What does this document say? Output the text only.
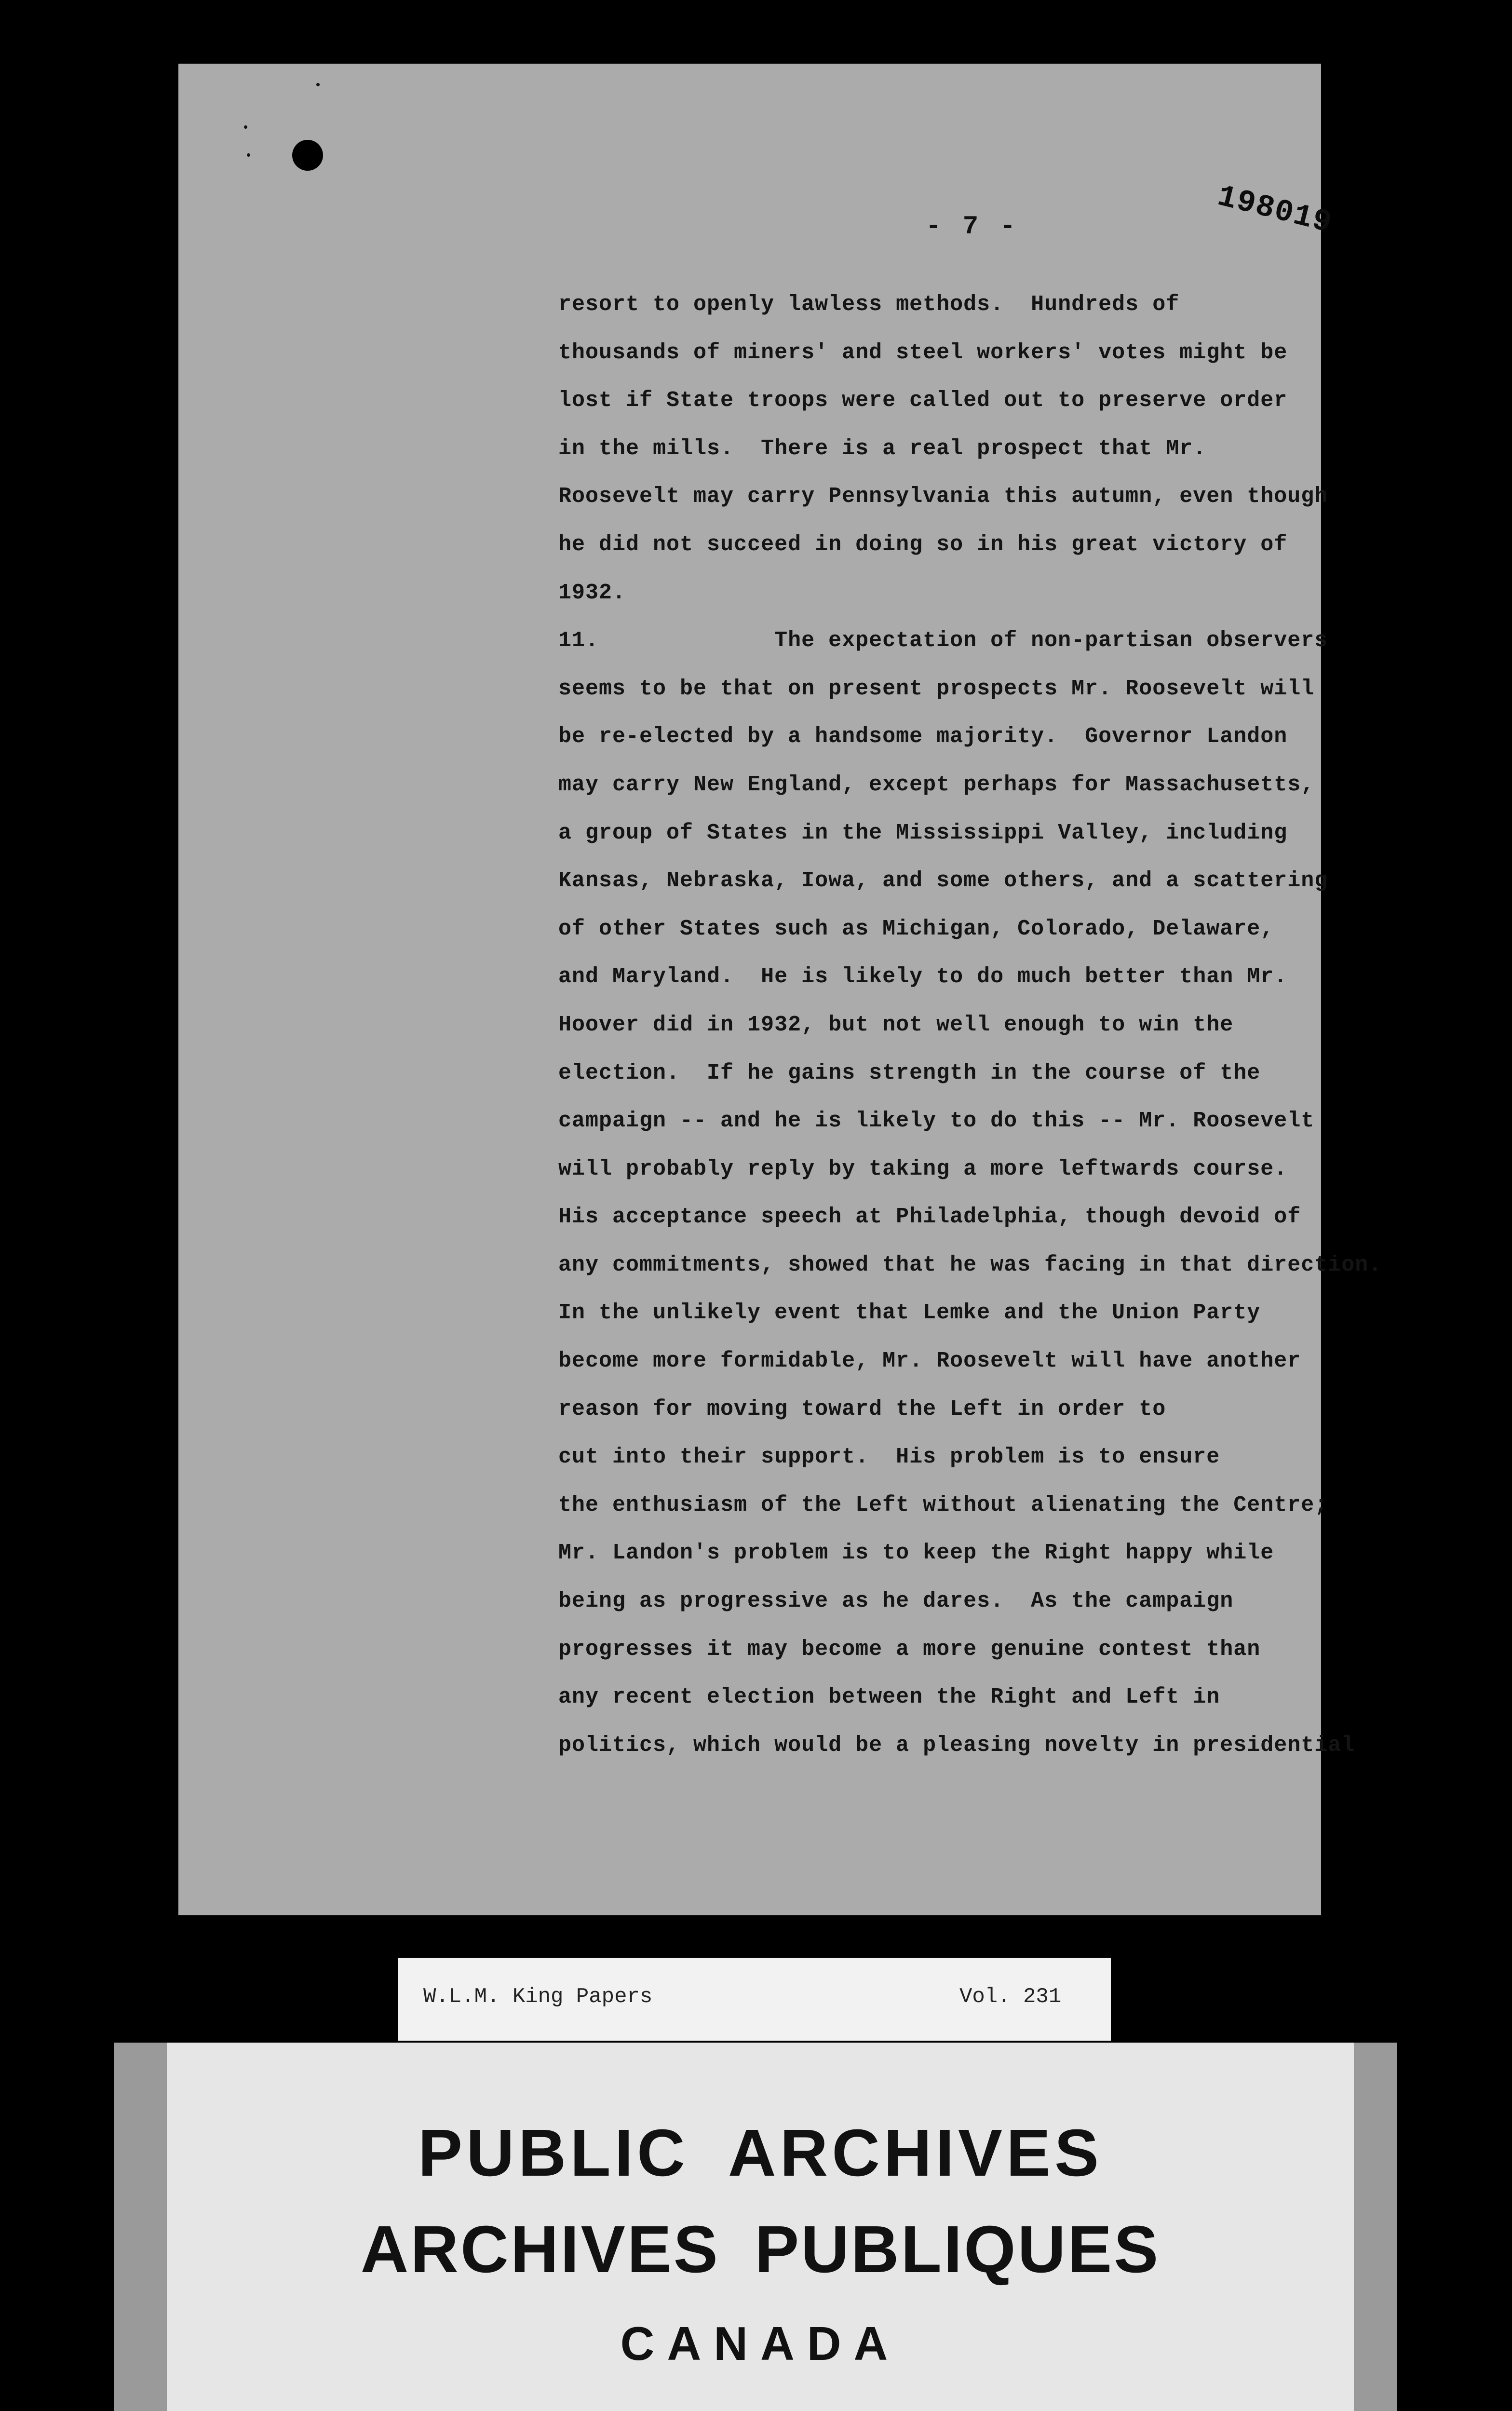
- 7 -	198019
resort to openly lawless methods.  Hundreds of
thousands of miners' and steel workers' votes might be
lost if State troops were called out to preserve order
in the mills.  There is a real prospect that Mr.
Roosevelt may carry Pennsylvania this autumn, even though
he did not succeed in doing so in his great victory of
1932.
11.             The expectation of non-partisan observers
seems to be that on present prospects Mr. Roosevelt will
be re-elected by a handsome majority.  Governor Landon
may carry New England, except perhaps for Massachusetts,
a group of States in the Mississippi Valley, including
Kansas, Nebraska, Iowa, and some others, and a scattering
of other States such as Michigan, Colorado, Delaware,
and Maryland.  He is likely to do much better than Mr.
Hoover did in 1932, but not well enough to win the
election.  If he gains strength in the course of the
campaign -- and he is likely to do this -- Mr. Roosevelt
will probably reply by taking a more leftwards course.
His acceptance speech at Philadelphia, though devoid of
any commitments, showed that he was facing in that direction.
In the unlikely event that Lemke and the Union Party
become more formidable, Mr. Roosevelt will have another
reason for moving toward the Left in order to
cut into their support.  His problem is to ensure
the enthusiasm of the Left without alienating the Centre;
Mr. Landon's problem is to keep the Right happy while
being as progressive as he dares.  As the campaign
progresses it may become a more genuine contest than
any recent election between the Right and Left in
politics, which would be a pleasing novelty in presidential
W.L.M. King Papers	Vol. 231
PUBLIC ARCHIVES
ARCHIVES PUBLIQUES
CANADA
